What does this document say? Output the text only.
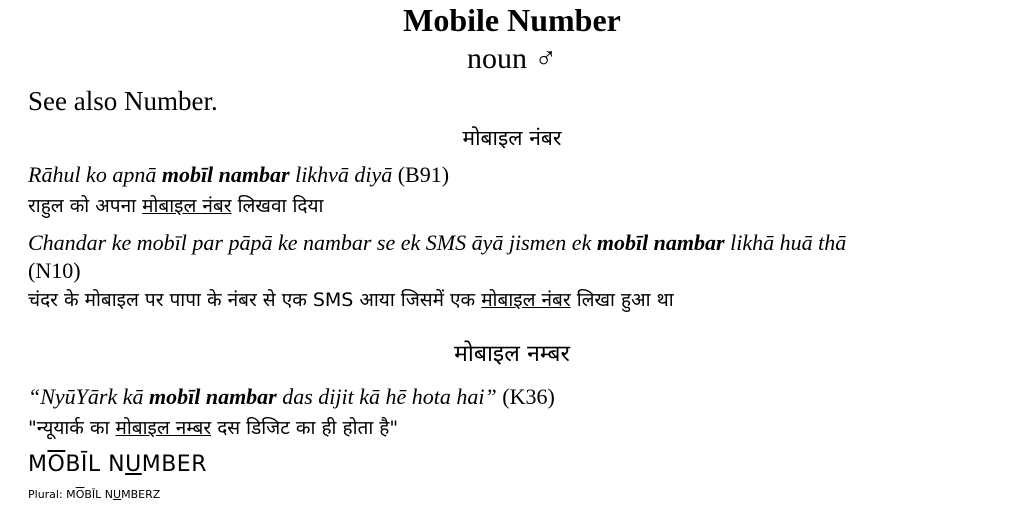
Mobile Number
noun ♂
See also Number.
मोबाइल नंबर
Rāhul ko apnā mobīl nambar likhvā diyā (B91)
राहुल को अपना मोबाइल नंबर लिखवा दिया
Chandar ke mobīl par pāpā ke nambar se ek SMS āyā jismen ek mobīl nambar likhā huā thā
(N10)
चंदर के मोबाइल पर पापा के नंबर से एक SMS आया जिसमें एक मोबाइल नंबर लिखा हुआ था
मोबाइल नम्बर
“NyūYārk kā mobīl nambar das dijit kā hē hota hai” (K36)
"न्यूयार्क का मोबाइल नम्बर दस डिजिट का ही होता है"
$M\overline{O}BĪL$ NUMBER
Plural: $M\overline{O}BĪL$ NUMBERZ
